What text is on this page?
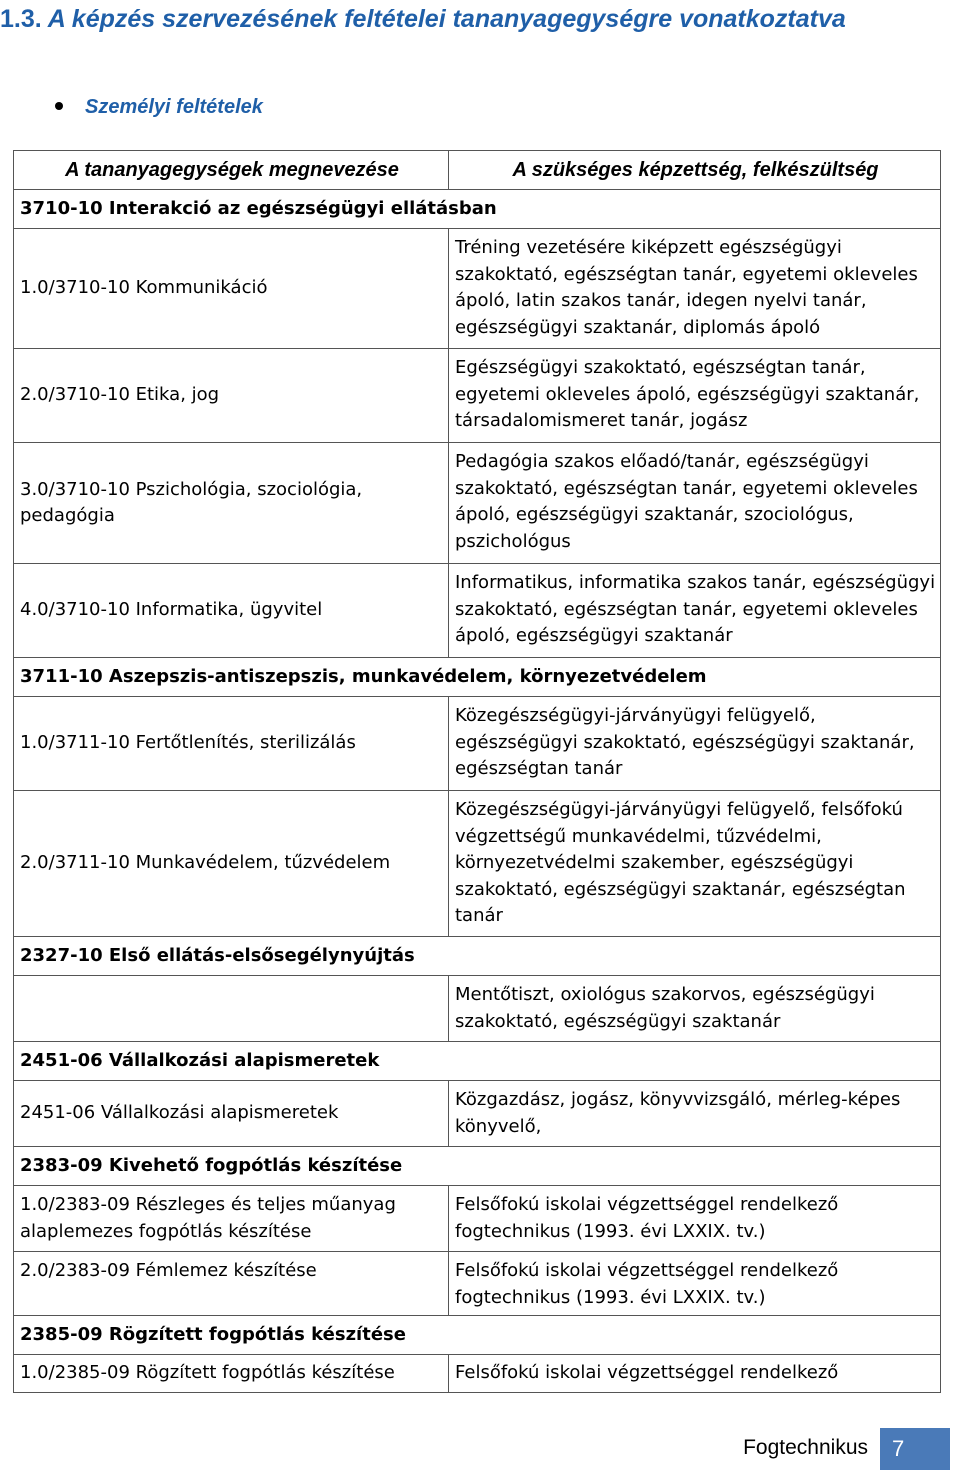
1.3. A képzés szervezésének feltételei tananyagegységre vonatkoztatva
Személyi feltételek
A tananyagegységek megnevezése	A szükséges képzettség, felkészültség
3710-10 Interakció az egészségügyi ellátásban	
1.0/3710-10 Kommunikáció	Tréning vezetésére kiképzett egészségügyi szakoktató, egészségtan tanár, egyetemi okleveles ápoló, latin szakos tanár, idegen nyelvi tanár, egészségügyi szaktanár, diplomás ápoló
2.0/3710-10 Etika, jog	Egészségügyi szakoktató, egészségtan tanár, egyetemi okleveles ápoló, egészségügyi szaktanár, társadalomismeret tanár, jogász
3.0/3710-10 Pszichológia, szociológia, pedagógia	Pedagógia szakos előadó/tanár, egészségügyi szakoktató, egészségtan tanár, egyetemi okleveles ápoló, egészségügyi szaktanár, szociológus, pszichológus
4.0/3710-10 Informatika, ügyvitel	Informatikus, informatika szakos tanár, egészségügyi szakoktató, egészségtan tanár, egyetemi okleveles ápoló, egészségügyi szaktanár
3711-10 Aszepszis-antiszepszis, munkavédelem, környezetvédelem	
1.0/3711-10 Fertőtlenítés, sterilizálás	Közegészségügyi-járványügyi felügyelő, egészségügyi szakoktató, egészségügyi szaktanár, egészségtan tanár
2.0/3711-10 Munkavédelem, tűzvédelem	Közegészségügyi-járványügyi felügyelő, felsőfokú végzettségű munkavédelmi, tűzvédelmi, környezetvédelmi szakember, egészségügyi szakoktató, egészségügyi szaktanár, egészségtan tanár
2327-10 Első ellátás-elsősegélynyújtás	
	Mentőtiszt, oxiológus szakorvos, egészségügyi szakoktató, egészségügyi szaktanár
2451-06 Vállalkozási alapismeretek	
2451-06 Vállalkozási alapismeretek	Közgazdász, jogász, könyvvizsgáló, mérleg-képes könyvelő,
2383-09 Kivehető fogpótlás készítése	
1.0/2383-09 Részleges és teljes műanyag alaplemezes fogpótlás készítése	Felsőfokú iskolai végzettséggel rendelkező fogtechnikus (1993. évi LXXIX. tv.)
2.0/2383-09 Fémlemez készítése	Felsőfokú iskolai végzettséggel rendelkező fogtechnikus (1993. évi LXXIX. tv.)
2385-09 Rögzített fogpótlás készítése	
1.0/2385-09 Rögzített fogpótlás készítése	Felsőfokú iskolai végzettséggel rendelkező
Fogtechnikus	7
